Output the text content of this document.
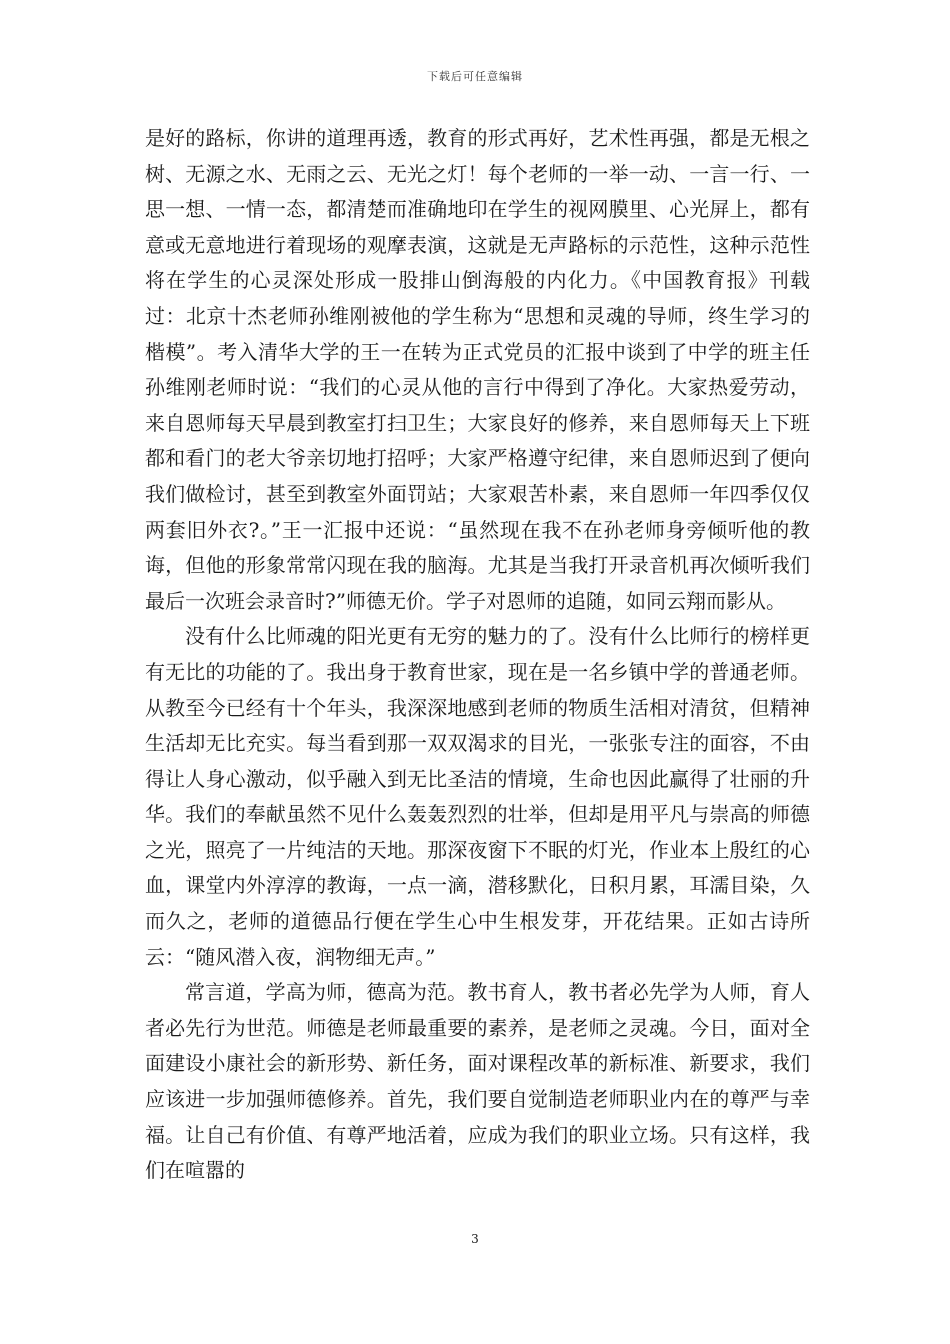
下载后可任意编辑

是好的路标，你讲的道理再透，教育的形式再好，艺术性再强，都是无根之树、无源之水、无雨之云、无光之灯！每个老师的一举一动、一言一行、一思一想、一情一态，都清楚而准确地印在学生的视网膜里、心光屏上，都有意或无意地进行着现场的观摩表演，这就是无声路标的示范性，这种示范性将在学生的心灵深处形成一股排山倒海般的内化力。《中国教育报》刊载过：北京十杰老师孙维刚被他的学生称为“思想和灵魂的导师，终生学习的楷模”。考入清华大学的王一在转为正式党员的汇报中谈到了中学的班主任孙维刚老师时说：“我们的心灵从他的言行中得到了净化。大家热爱劳动，来自恩师每天早晨到教室打扫卫生；大家良好的修养，来自恩师每天上下班都和看门的老大爷亲切地打招呼；大家严格遵守纪律，来自恩师迟到了便向我们做检讨，甚至到教室外面罚站；大家艰苦朴素，来自恩师一年四季仅仅两套旧外衣?。”王一汇报中还说：“虽然现在我不在孙老师身旁倾听他的教诲，但他的形象常常闪现在我的脑海。尤其是当我打开录音机再次倾听我们最后一次班会录音时?”师德无价。学子对恩师的追随，如同云翔而影从。

没有什么比师魂的阳光更有无穷的魅力的了。没有什么比师行的榜样更有无比的功能的了。我出身于教育世家，现在是一名乡镇中学的普通老师。从教至今已经有十个年头，我深深地感到老师的物质生活相对清贫，但精神生活却无比充实。每当看到那一双双渴求的目光，一张张专注的面容，不由得让人身心激动，似乎融入到无比圣洁的情境，生命也因此赢得了壮丽的升华。我们的奉献虽然不见什么轰轰烈烈的壮举，但却是用平凡与崇高的师德之光，照亮了一片纯洁的天地。那深夜窗下不眠的灯光，作业本上殷红的心血，课堂内外淳淳的教诲，一点一滴，潜移默化，日积月累，耳濡目染，久而久之，老师的道德品行便在学生心中生根发芽，开花结果。正如古诗所云：“随风潜入夜，润物细无声。”

常言道，学高为师，德高为范。教书育人，教书者必先学为人师，育人者必先行为世范。师德是老师最重要的素养，是老师之灵魂。今日，面对全面建设小康社会的新形势、新任务，面对课程改革的新标准、新要求，我们应该进一步加强师德修养。首先，我们要自觉制造老师职业内在的尊严与幸福。让自己有价值、有尊严地活着，应成为我们的职业立场。只有这样，我们在喧嚣的

3
